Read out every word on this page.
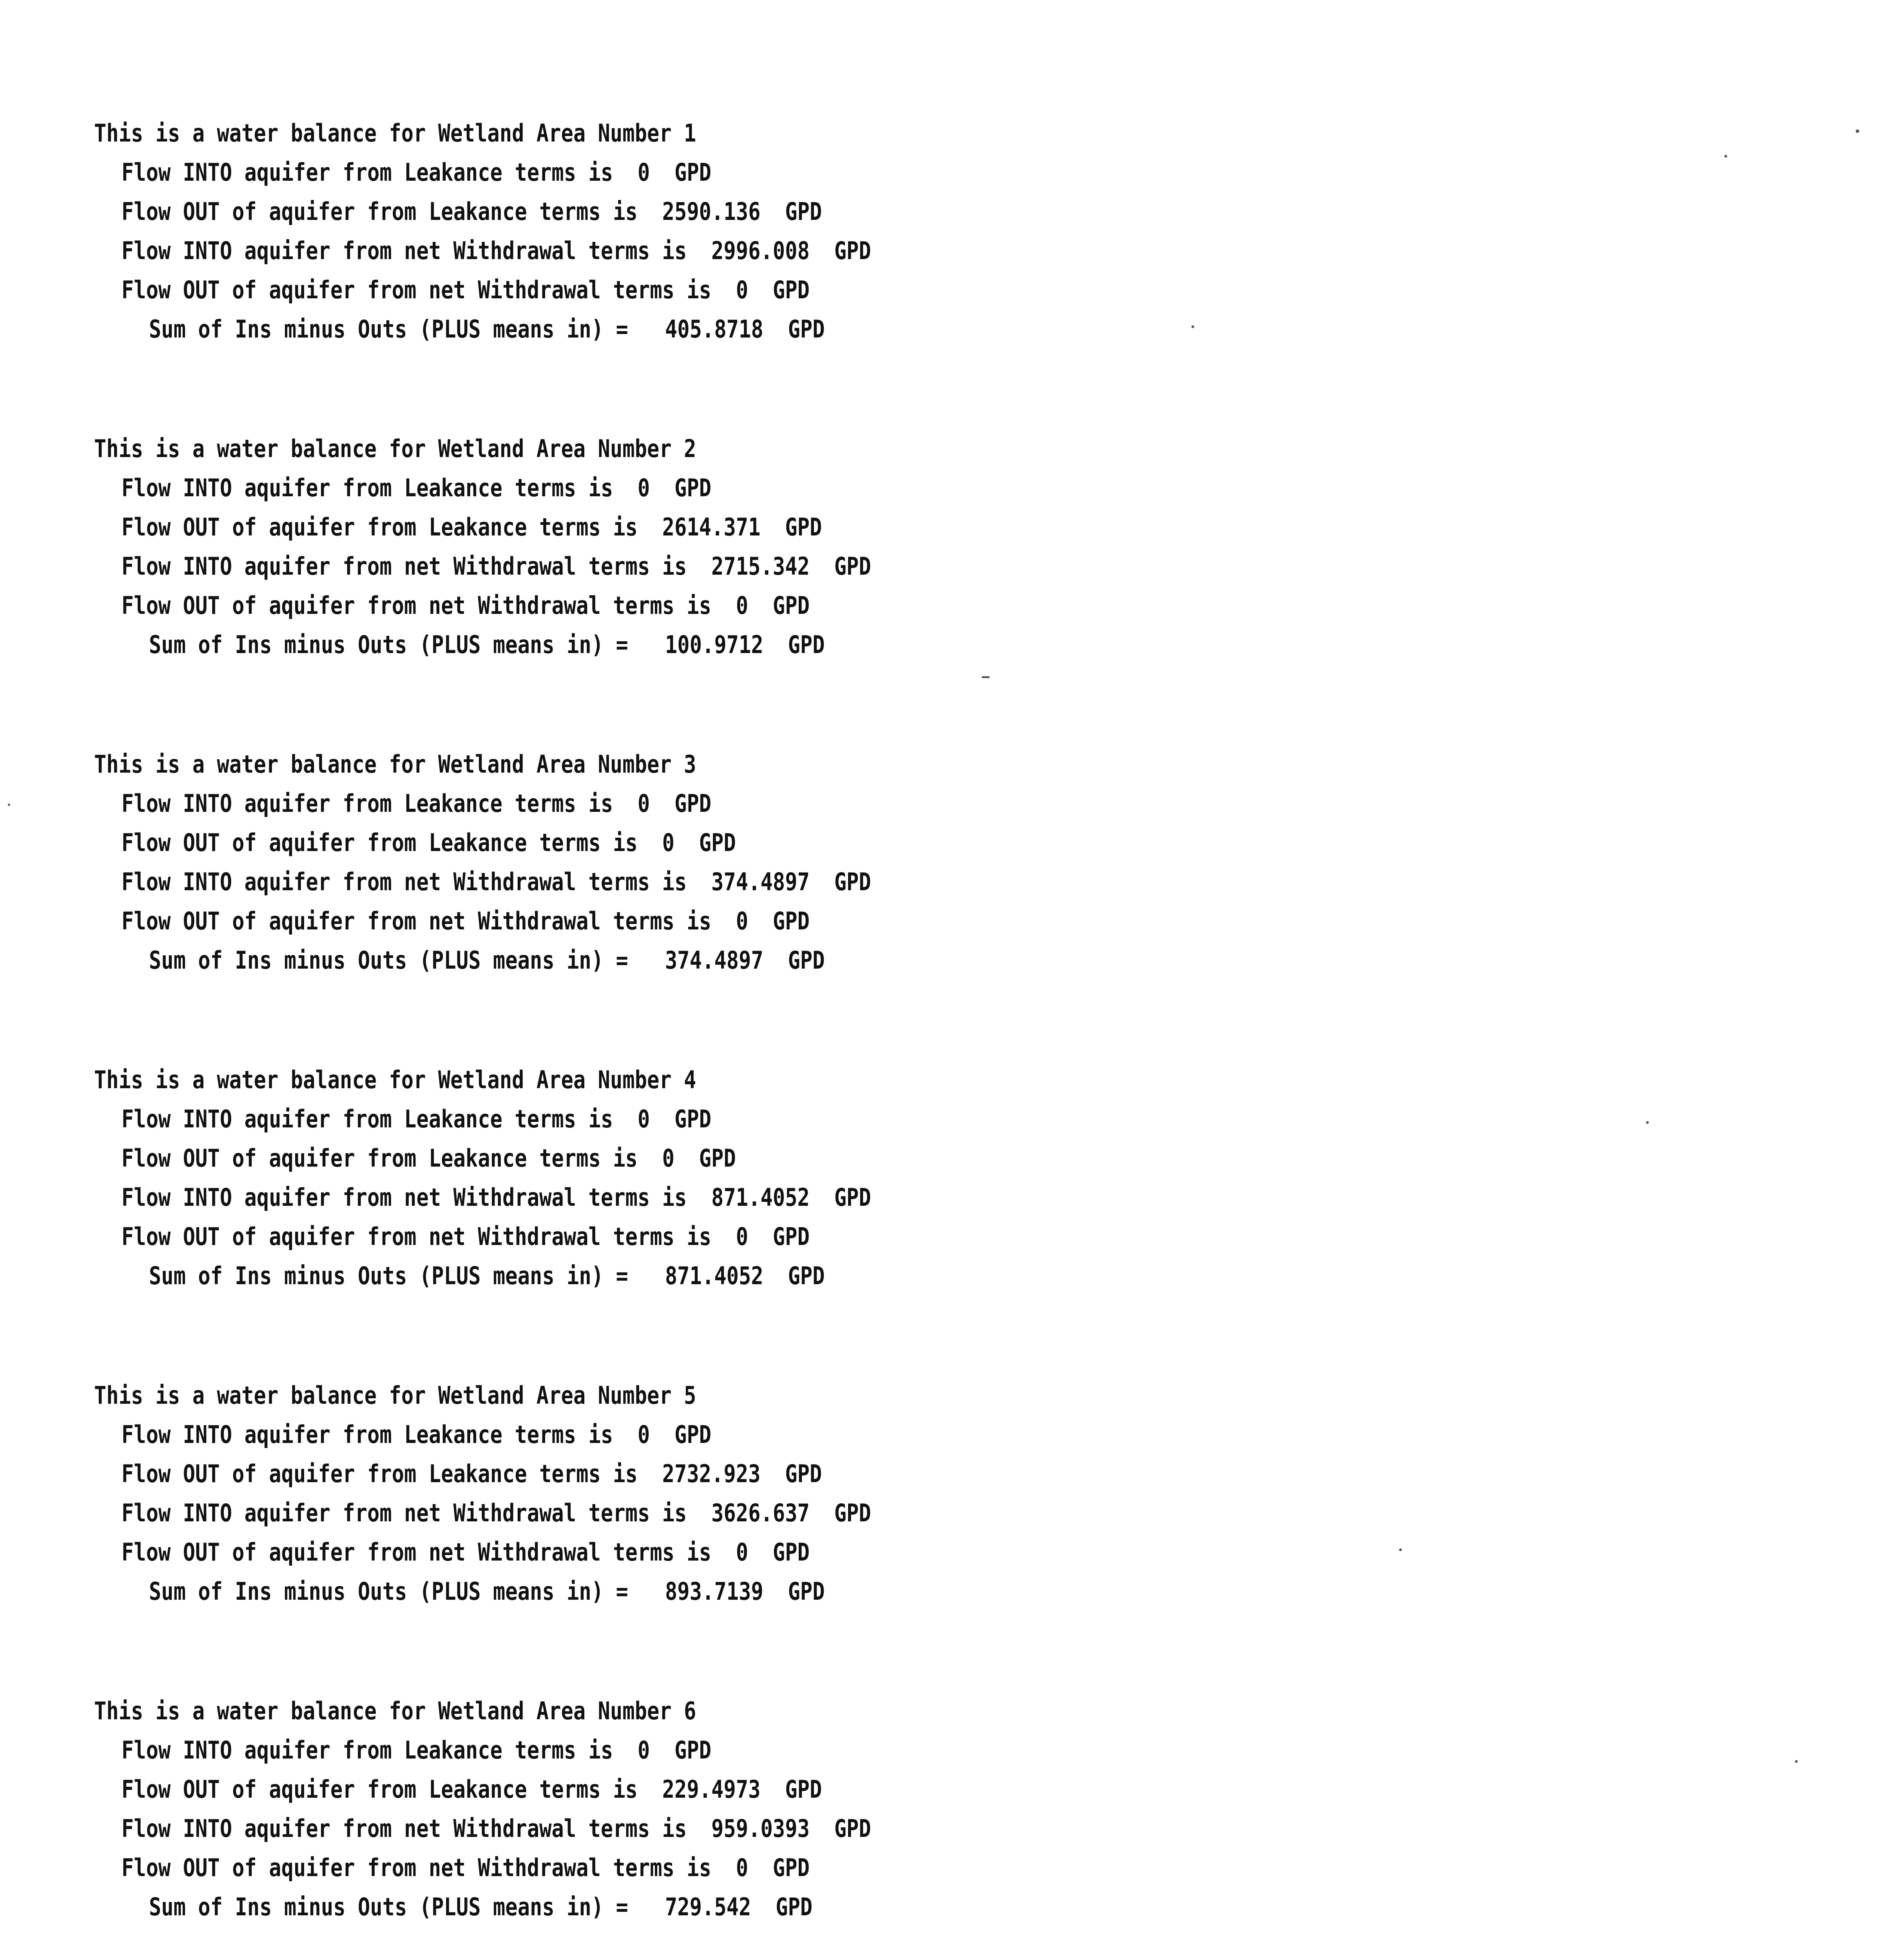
This is a water balance for Wetland Area Number 1
Flow INTO aquifer from Leakance terms is  0  GPD
Flow OUT of aquifer from Leakance terms is  2590.136  GPD
Flow INTO aquifer from net Withdrawal terms is  2996.008  GPD
Flow OUT of aquifer from net Withdrawal terms is  0  GPD
Sum of Ins minus Outs (PLUS means in) =   405.8718  GPD
This is a water balance for Wetland Area Number 2
Flow INTO aquifer from Leakance terms is  0  GPD
Flow OUT of aquifer from Leakance terms is  2614.371  GPD
Flow INTO aquifer from net Withdrawal terms is  2715.342  GPD
Flow OUT of aquifer from net Withdrawal terms is  0  GPD
Sum of Ins minus Outs (PLUS means in) =   100.9712  GPD
This is a water balance for Wetland Area Number 3
Flow INTO aquifer from Leakance terms is  0  GPD
Flow OUT of aquifer from Leakance terms is  0  GPD
Flow INTO aquifer from net Withdrawal terms is  374.4897  GPD
Flow OUT of aquifer from net Withdrawal terms is  0  GPD
Sum of Ins minus Outs (PLUS means in) =   374.4897  GPD
This is a water balance for Wetland Area Number 4
Flow INTO aquifer from Leakance terms is  0  GPD
Flow OUT of aquifer from Leakance terms is  0  GPD
Flow INTO aquifer from net Withdrawal terms is  871.4052  GPD
Flow OUT of aquifer from net Withdrawal terms is  0  GPD
Sum of Ins minus Outs (PLUS means in) =   871.4052  GPD
This is a water balance for Wetland Area Number 5
Flow INTO aquifer from Leakance terms is  0  GPD
Flow OUT of aquifer from Leakance terms is  2732.923  GPD
Flow INTO aquifer from net Withdrawal terms is  3626.637  GPD
Flow OUT of aquifer from net Withdrawal terms is  0  GPD
Sum of Ins minus Outs (PLUS means in) =   893.7139  GPD
This is a water balance for Wetland Area Number 6
Flow INTO aquifer from Leakance terms is  0  GPD
Flow OUT of aquifer from Leakance terms is  229.4973  GPD
Flow INTO aquifer from net Withdrawal terms is  959.0393  GPD
Flow OUT of aquifer from net Withdrawal terms is  0  GPD
Sum of Ins minus Outs (PLUS means in) =   729.542  GPD
